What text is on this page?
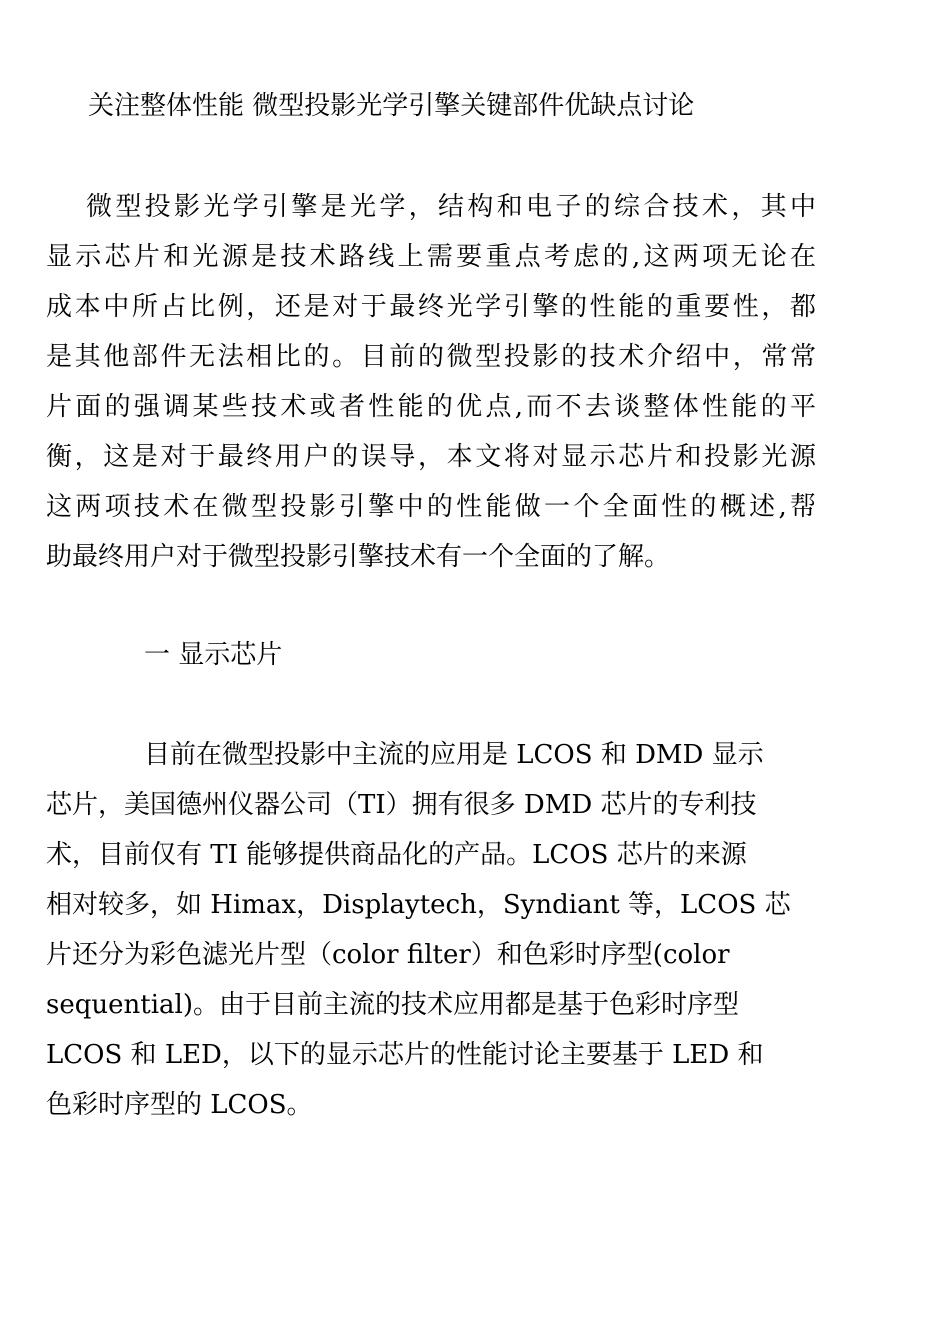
关注整体性能 微型投影光学引擎关键部件优缺点讨论
微型投影光学引擎是光学，结构和电子的综合技术，其中
显示芯片和光源是技术路线上需要重点考虑的,这两项无论在
成本中所占比例，还是对于最终光学引擎的性能的重要性，都
是其他部件无法相比的。目前的微型投影的技术介绍中，常常
片面的强调某些技术或者性能的优点,而不去谈整体性能的平
衡，这是对于最终用户的误导，本文将对显示芯片和投影光源
这两项技术在微型投影引擎中的性能做一个全面性的概述,帮
助最终用户对于微型投影引擎技术有一个全面的了解。
一 显示芯片
目前在微型投影中主流的应用是 LCOS 和 DMD 显示
芯片，美国德州仪器公司（TI）拥有很多 DMD 芯片的专利技
术，目前仅有 TI 能够提供商品化的产品。LCOS 芯片的来源
相对较多，如 Himax，Displaytech，Syndiant 等，LCOS 芯
片还分为彩色滤光片型（color filter）和色彩时序型(color
sequential)。由于目前主流的技术应用都是基于色彩时序型
LCOS 和 LED，以下的显示芯片的性能讨论主要基于 LED 和
色彩时序型的 LCOS。
